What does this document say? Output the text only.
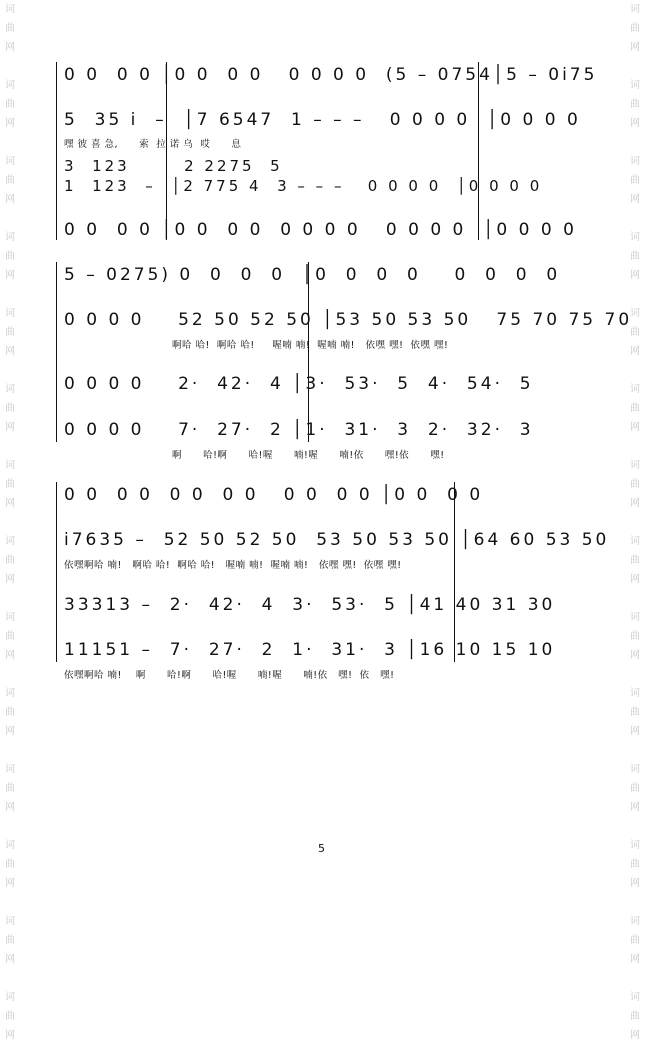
词
曲
网

词
曲
网

词
曲
网

词
曲
网

词
曲
网

词
曲
网

词
曲
网

词
曲
网

词
曲
网

词
曲
网

词
曲
网

词
曲
网

词
曲
网

词
曲
网

词
曲
网

词
曲
网

词
曲
网

词
曲
网

词
曲
网

词
曲
网

词
曲
网

词
曲
网

词
曲
网

词
曲
网

词
曲
网

词
曲
网

词
曲
网

词
曲
网

0 0  0 0 │0 0  0 0   0 0 0 0  (5 – 0754│5 – 0i75
5  35 i  –  │7 6547  1 – – –   0 0 0 0  │0 0 0 0
嘿 彼 喜 急,      索  拉 诺 乌  哎      息
3  123       2 2275  5
1  123  –  │2 775 4  3 – – –   0 0 0 0  │0 0 0 0
0 0  0 0 │0 0  0 0  0 0 0 0   0 0 0 0  │0 0 0 0
5 – 0275) 0  0  0  0  │0  0  0  0    0  0  0  0
0 0 0 0    52 50 52 50 │53 50 53 50   75 70 75 70
啊哈 哈!  啊哈 哈!     喔喃 喃!  喔喃 喃!   依嘿 嘿!  依嘿 嘿!
0 0 0 0    2·  42·  4 │3·  53·  5  4·  54·  5
0 0 0 0    7·  27·  2 │1·  31·  3  2·  32·  3
啊      哈!啊      哈!喔      喃!喔      喃!依      嘿!依      嘿!
0 0  0 0  0 0  0 0   0 0  0 0 │0 0  0 0
i7635 –  52 50 52 50  53 50 53 50 │64 60 53 50
依嘿啊哈 喃!   啊哈 哈!  啊哈 哈!   喔喃 喃!  喔喃 喃!   依嘿 嘿!  依嘿 嘿!
33313 –  2·  42·  4  3·  53·  5 │41 40 31 30
11151 –  7·  27·  2  1·  31·  3 │16 10 15 10
依嘿啊哈 喃!    啊      哈!啊      哈!喔      喃!喔      喃!依   嘿!  依   嘿!
5
